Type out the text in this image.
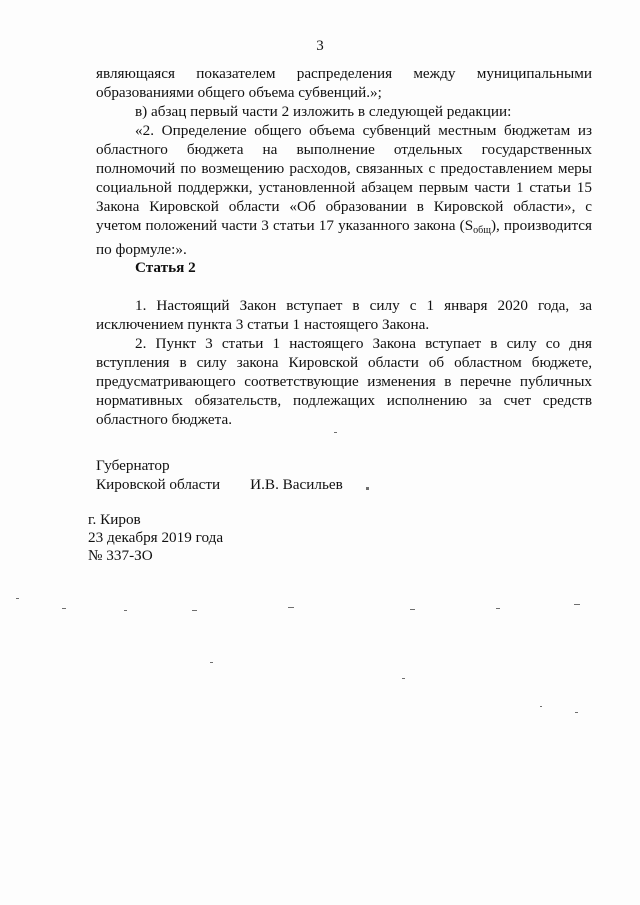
3

являющаяся показателем распределения между муниципальными образованиями общего объема субвенций.»;

в) абзац первый части 2 изложить в следующей редакции:

«2. Определение общего объема субвенций местным бюджетам из областного бюджета на выполнение отдельных государственных полномочий по возмещению расходов, связанных с предоставлением меры социальной поддержки, установленной абзацем первым части 1 статьи 15 Закона Кировской области «Об образовании в Кировской области», с учетом положений части 3 статьи 17 указанного закона $(S_{общ})$, производится по формуле:».

Статья 2

1. Настоящий Закон вступает в силу с 1 января 2020 года, за исключением пункта 3 статьи 1 настоящего Закона.

2. Пункт 3 статьи 1 настоящего Закона вступает в силу со дня вступления в силу закона Кировской области об областном бюджете, предусматривающего соответствующие изменения в перечне публичных нормативных обязательств, подлежащих исполнению за счет средств областного бюджета.

Губернатор
Кировской области И.В. Васильев
г. Киров
23 декабря 2019 года
№ 337-ЗО
